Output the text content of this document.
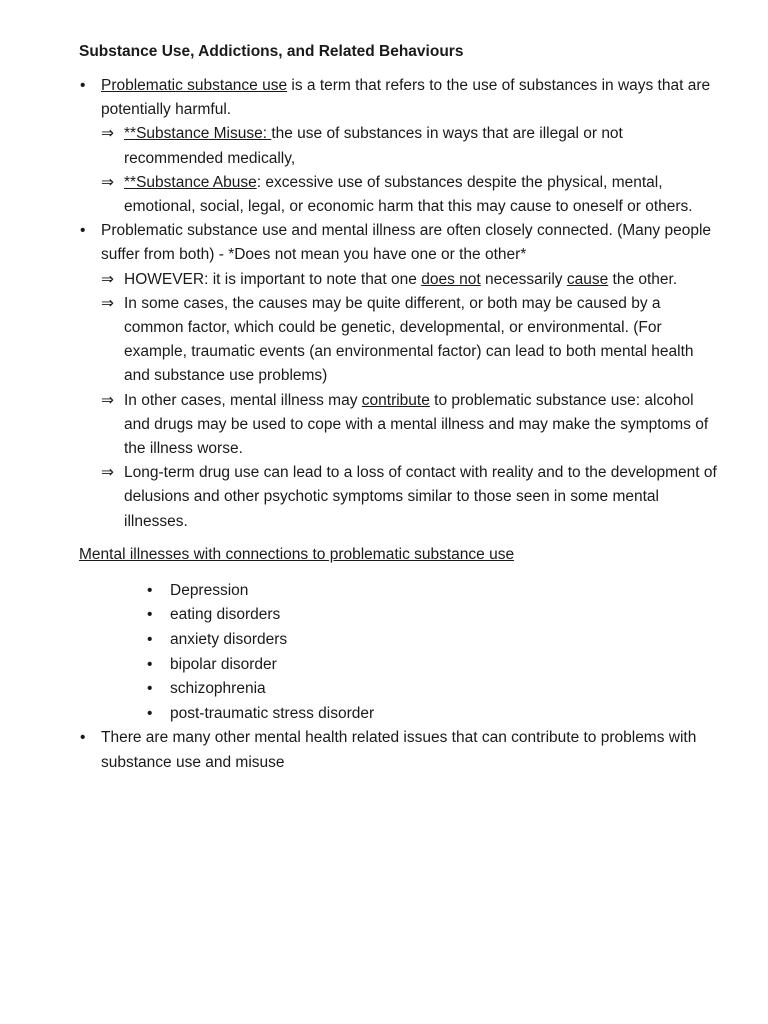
Substance Use, Addictions, and Related Behaviours
• Problematic substance use is a term that refers to the use of substances in ways that are potentially harmful.
⇒ **Substance Misuse: the use of substances in ways that are illegal or not recommended medically,
⇒ **Substance Abuse: excessive use of substances despite the physical, mental, emotional, social, legal, or economic harm that this may cause to oneself or others.
• Problematic substance use and mental illness are often closely connected. (Many people suffer from both) - *Does not mean you have one or the other*
⇒ HOWEVER: it is important to note that one does not necessarily cause the other.
⇒ In some cases, the causes may be quite different, or both may be caused by a common factor, which could be genetic, developmental, or environmental. (For example, traumatic events (an environmental factor) can lead to both mental health and substance use problems)
⇒ In other cases, mental illness may contribute to problematic substance use: alcohol and drugs may be used to cope with a mental illness and may make the symptoms of the illness worse.
⇒ Long-term drug use can lead to a loss of contact with reality and to the development of delusions and other psychotic symptoms similar to those seen in some mental illnesses.
Mental illnesses with connections to problematic substance use
• Depression
• eating disorders
• anxiety disorders
• bipolar disorder
• schizophrenia
• post-traumatic stress disorder
• There are many other mental health related issues that can contribute to problems with substance use and misuse
